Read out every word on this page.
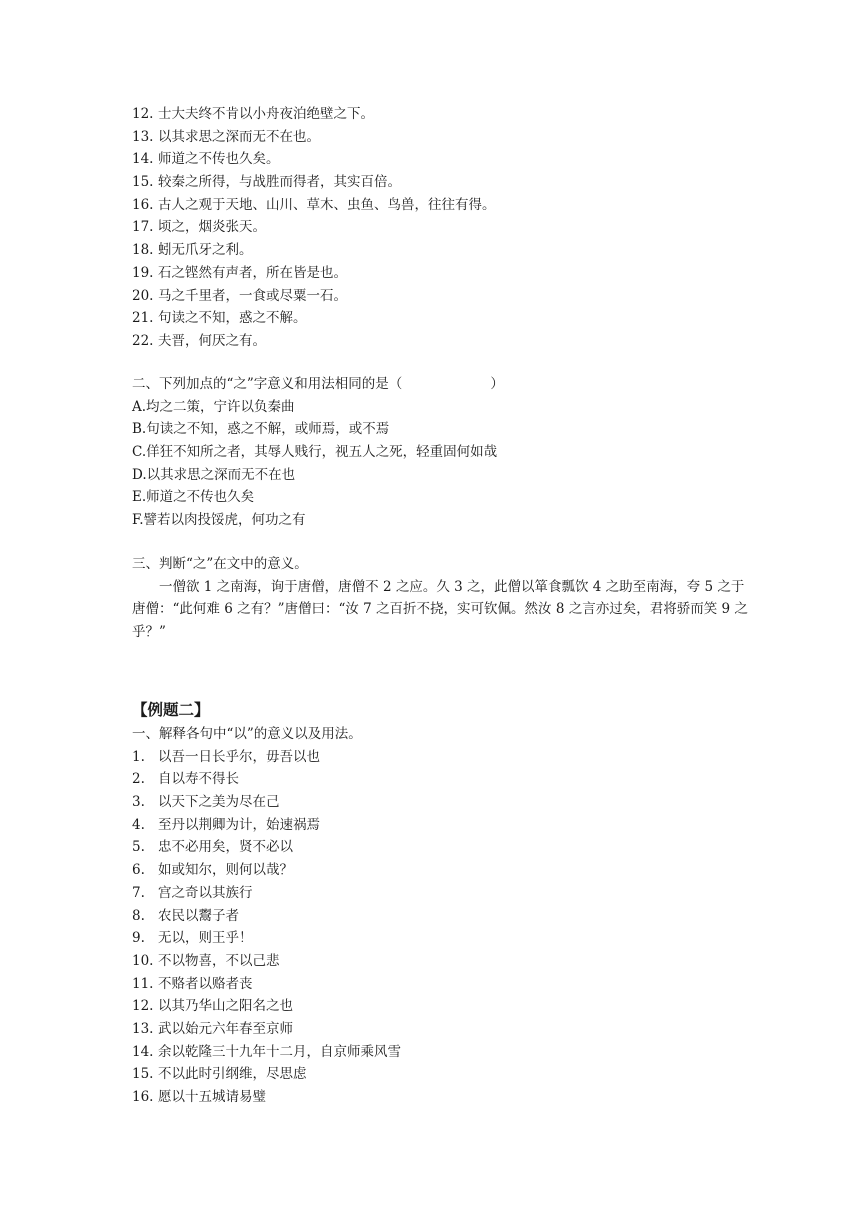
12. 士大夫终不肯以小舟夜泊绝壁之下。
13. 以其求思之深而无不在也。
14. 师道之不传也久矣。
15. 较秦之所得，与战胜而得者，其实百倍。
16. 古人之观于天地、山川、草木、虫鱼、鸟兽，往往有得。
17. 顷之，烟炎张天。
18. 蚓无爪牙之利。
19. 石之铿然有声者，所在皆是也。
20. 马之千里者，一食或尽粟一石。
21. 句读之不知，惑之不解。
22. 夫晋，何厌之有。
二、下列加点的“之”字意义和用法相同的是（	）
A.均之二策，宁许以负秦曲
B.句读之不知，惑之不解，或师焉，或不焉
C.佯狂不知所之者，其辱人贱行，视五人之死，轻重固何如哉
D.以其求思之深而无不在也
E.师道之不传也久矣
F.譬若以肉投馁虎，何功之有
三、判断“之”在文中的意义。
一僧欲 1 之南海，询于唐僧，唐僧不 2 之应。久 3 之，此僧以箪食瓢饮 4 之助至南海，夸 5 之于唐僧：“此何难 6 之有？”唐僧曰：“汝 7 之百折不挠，实可钦佩。然汝 8 之言亦过矣，君将骄而笑 9 之乎？”
【例题二】
一、解释各句中“以”的意义以及用法。
1. 以吾一日长乎尔，毋吾以也
2. 自以寿不得长
3. 以天下之美为尽在己
4. 至丹以荆卿为计，始速祸焉
5. 忠不必用矣，贤不必以
6. 如或知尔，则何以哉？
7. 宫之奇以其族行
8. 农民以鬻子者
9. 无以，则王乎！
10. 不以物喜，不以己悲
11. 不赂者以赂者丧
12. 以其乃华山之阳名之也
13. 武以始元六年春至京师
14. 余以乾隆三十九年十二月，自京师乘风雪
15. 不以此时引纲维，尽思虑
16. 愿以十五城请易璧
